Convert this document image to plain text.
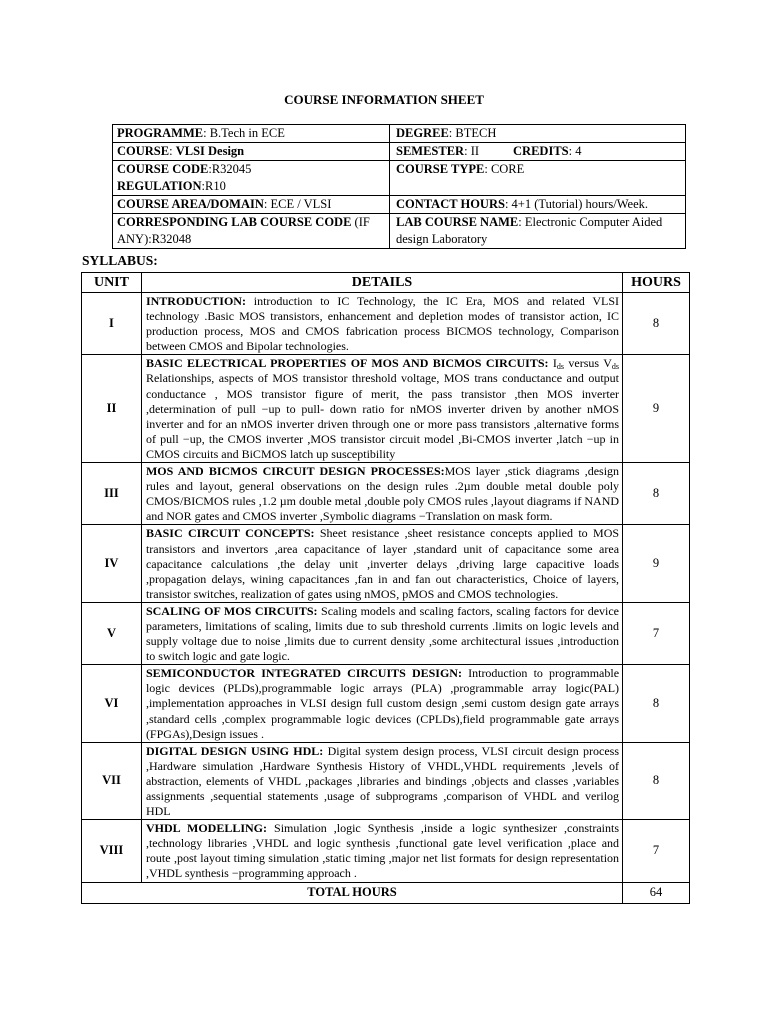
COURSE INFORMATION SHEET
PROGRAMME: B.Tech in ECE	DEGREE: BTECH
COURSE: VLSI Design	SEMESTER: II CREDITS: 4
COURSE CODE:R32045
REGULATION:R10	COURSE TYPE: CORE
COURSE AREA/DOMAIN: ECE / VLSI	CONTACT HOURS: 4+1 (Tutorial) hours/Week.
CORRESPONDING LAB COURSE CODE (IF ANY):R32048	LAB COURSE NAME: Electronic Computer Aided design Laboratory
SYLLABUS:
UNIT	DETAILS	HOURS
I	INTRODUCTION: introduction to IC Technology, the IC Era, MOS and related VLSI technology .Basic MOS transistors, enhancement and depletion modes of transistor action, IC production process, MOS and CMOS fabrication process BICMOS technology, Comparison between CMOS and Bipolar technologies.	8
II	BASIC ELECTRICAL PROPERTIES OF MOS AND BICMOS CIRCUITS: $I_{ds}$ versus $V_{ds}$ Relationships, aspects of MOS transistor threshold voltage, MOS trans conductance and output conductance , MOS transistor figure of merit, the pass transistor ,then MOS inverter ,determination of pull −up to pull- down ratio for nMOS inverter driven by another nMOS inverter and for an nMOS inverter driven through one or more pass transistors ,alternative forms of pull −up, the CMOS inverter ,MOS transistor circuit model ,Bi-CMOS inverter ,latch −up in CMOS circuits and BiCMOS latch up susceptibility	9
III	MOS AND BICMOS CIRCUIT DESIGN PROCESSES:MOS layer ,stick diagrams ,design rules and layout, general observations on the design rules .2µm double metal double poly CMOS/BICMOS rules ,1.2 µm double metal ,double poly CMOS rules ,layout diagrams if NAND and NOR gates and CMOS inverter ,Symbolic diagrams −Translation on mask form.	8
IV	BASIC CIRCUIT CONCEPTS: Sheet resistance ,sheet resistance concepts applied to MOS transistors and invertors ,area capacitance of layer ,standard unit of capacitance some area capacitance calculations ,the delay unit ,inverter delays ,driving large capacitive loads ,propagation delays, wining capacitances ,fan in and fan out characteristics, Choice of layers, transistor switches, realization of gates using nMOS, pMOS and CMOS technologies.	9
V	SCALING OF MOS CIRCUITS: Scaling models and scaling factors, scaling factors for device parameters, limitations of scaling, limits due to sub threshold currents .limits on logic levels and supply voltage due to noise ,limits due to current density ,some architectural issues ,introduction to switch logic and gate logic.	7
VI	SEMICONDUCTOR INTEGRATED CIRCUITS DESIGN: Introduction to programmable logic devices (PLDs),programmable logic arrays (PLA) ,programmable array logic(PAL) ,implementation approaches in VLSI design full custom design ,semi custom design gate arrays ,standard cells ,complex programmable logic devices (CPLDs),field programmable gate arrays (FPGAs),Design issues .	8
VII	DIGITAL DESIGN USING HDL: Digital system design process, VLSI circuit design process ,Hardware simulation ,Hardware Synthesis History of VHDL,VHDL requirements ,levels of abstraction, elements of VHDL ,packages ,libraries and bindings ,objects and classes ,variables assignments ,sequential statements ,usage of subprograms ,comparison of VHDL and verilog HDL	8
VIII	VHDL MODELLING: Simulation ,logic Synthesis ,inside a logic synthesizer ,constraints ,technology libraries ,VHDL and logic synthesis ,functional gate level verification ,place and route ,post layout timing simulation ,static timing ,major net list formats for design representation ,VHDL synthesis −programming approach .	7
TOTAL HOURS		64
